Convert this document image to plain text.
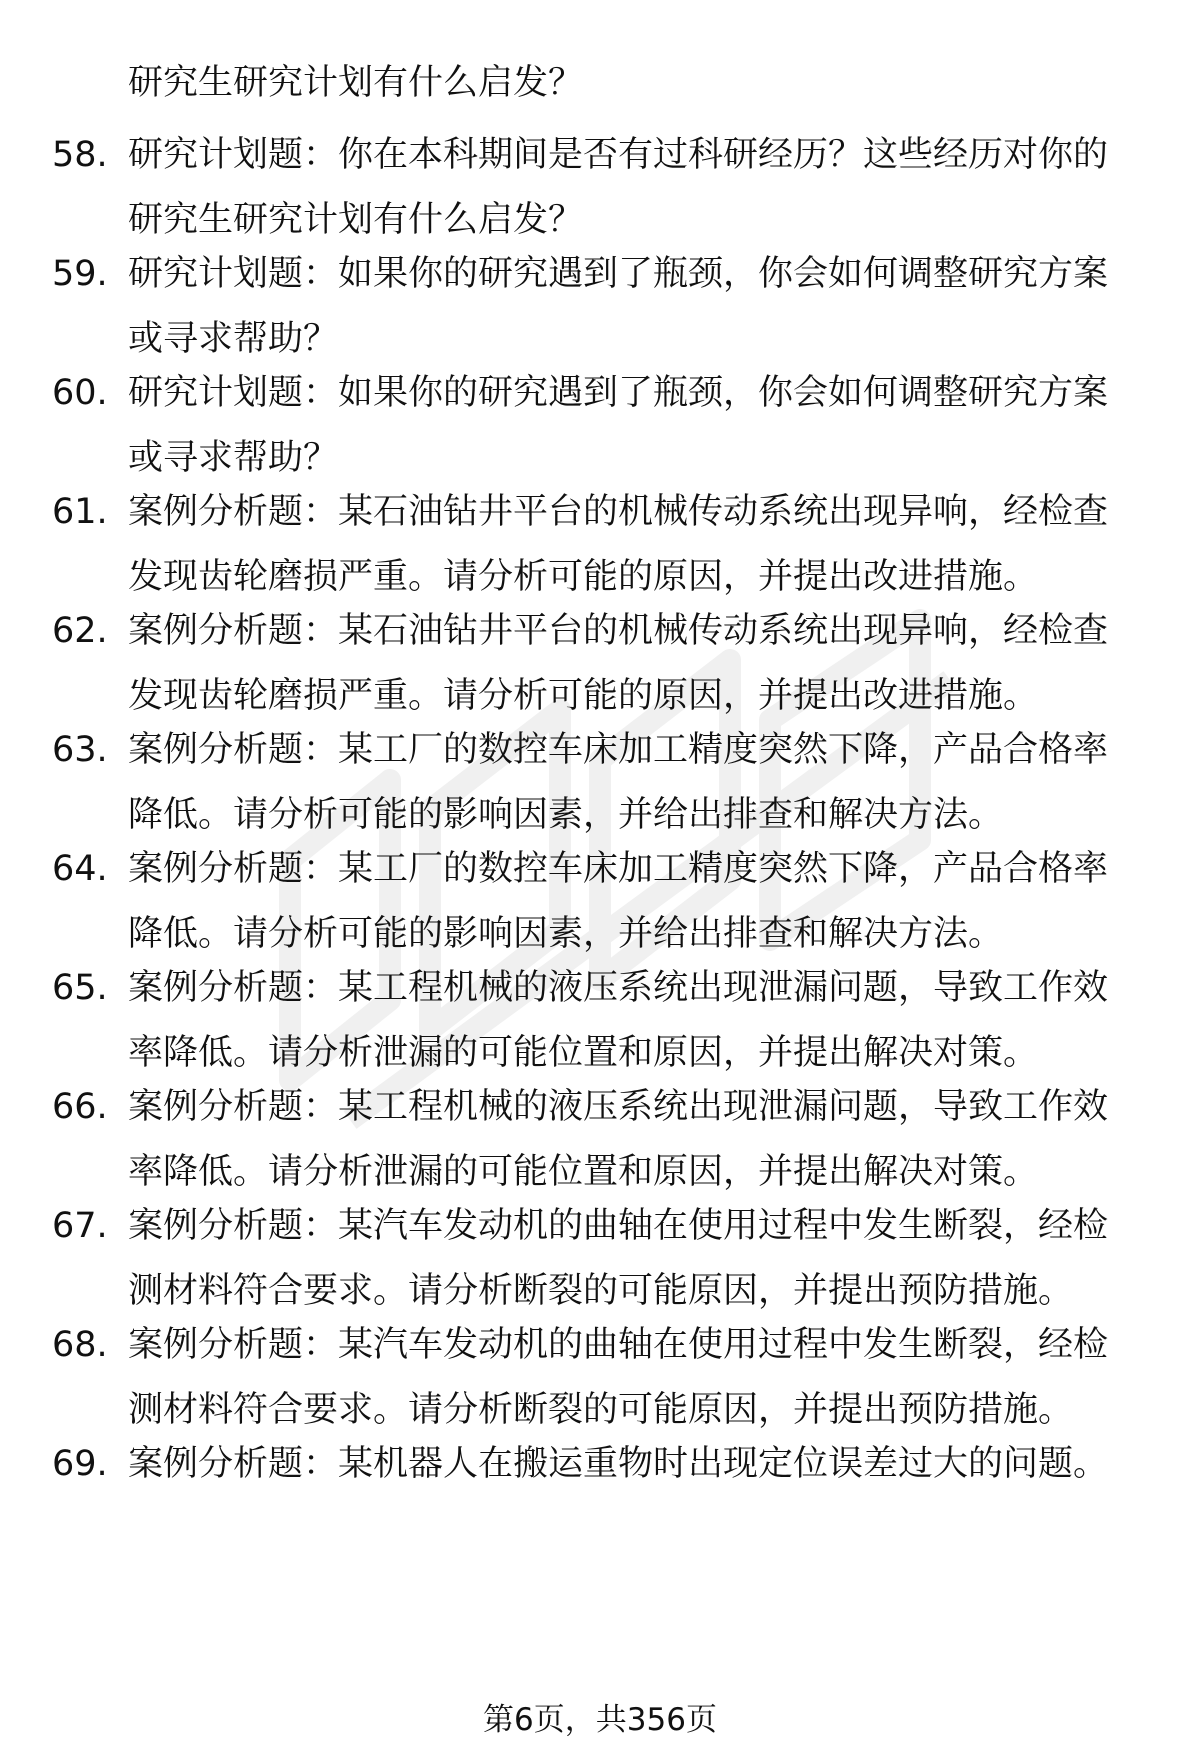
研究生研究计划有什么启发？
58. 研究计划题：你在本科期间是否有过科研经历？这些经历对你的
研究生研究计划有什么启发？
59. 研究计划题：如果你的研究遇到了瓶颈，你会如何调整研究方案
或寻求帮助？
60. 研究计划题：如果你的研究遇到了瓶颈，你会如何调整研究方案
或寻求帮助？
61. 案例分析题：某石油钻井平台的机械传动系统出现异响，经检查
发现齿轮磨损严重。请分析可能的原因，并提出改进措施。
62. 案例分析题：某石油钻井平台的机械传动系统出现异响，经检查
发现齿轮磨损严重。请分析可能的原因，并提出改进措施。
63. 案例分析题：某工厂的数控车床加工精度突然下降，产品合格率
降低。请分析可能的影响因素，并给出排查和解决方法。
64. 案例分析题：某工厂的数控车床加工精度突然下降，产品合格率
降低。请分析可能的影响因素，并给出排查和解决方法。
65. 案例分析题：某工程机械的液压系统出现泄漏问题，导致工作效
率降低。请分析泄漏的可能位置和原因，并提出解决对策。
66. 案例分析题：某工程机械的液压系统出现泄漏问题，导致工作效
率降低。请分析泄漏的可能位置和原因，并提出解决对策。
67. 案例分析题：某汽车发动机的曲轴在使用过程中发生断裂，经检
测材料符合要求。请分析断裂的可能原因，并提出预防措施。
68. 案例分析题：某汽车发动机的曲轴在使用过程中发生断裂，经检
测材料符合要求。请分析断裂的可能原因，并提出预防措施。
69. 案例分析题：某机器人在搬运重物时出现定位误差过大的问题。
第6页，共356页
